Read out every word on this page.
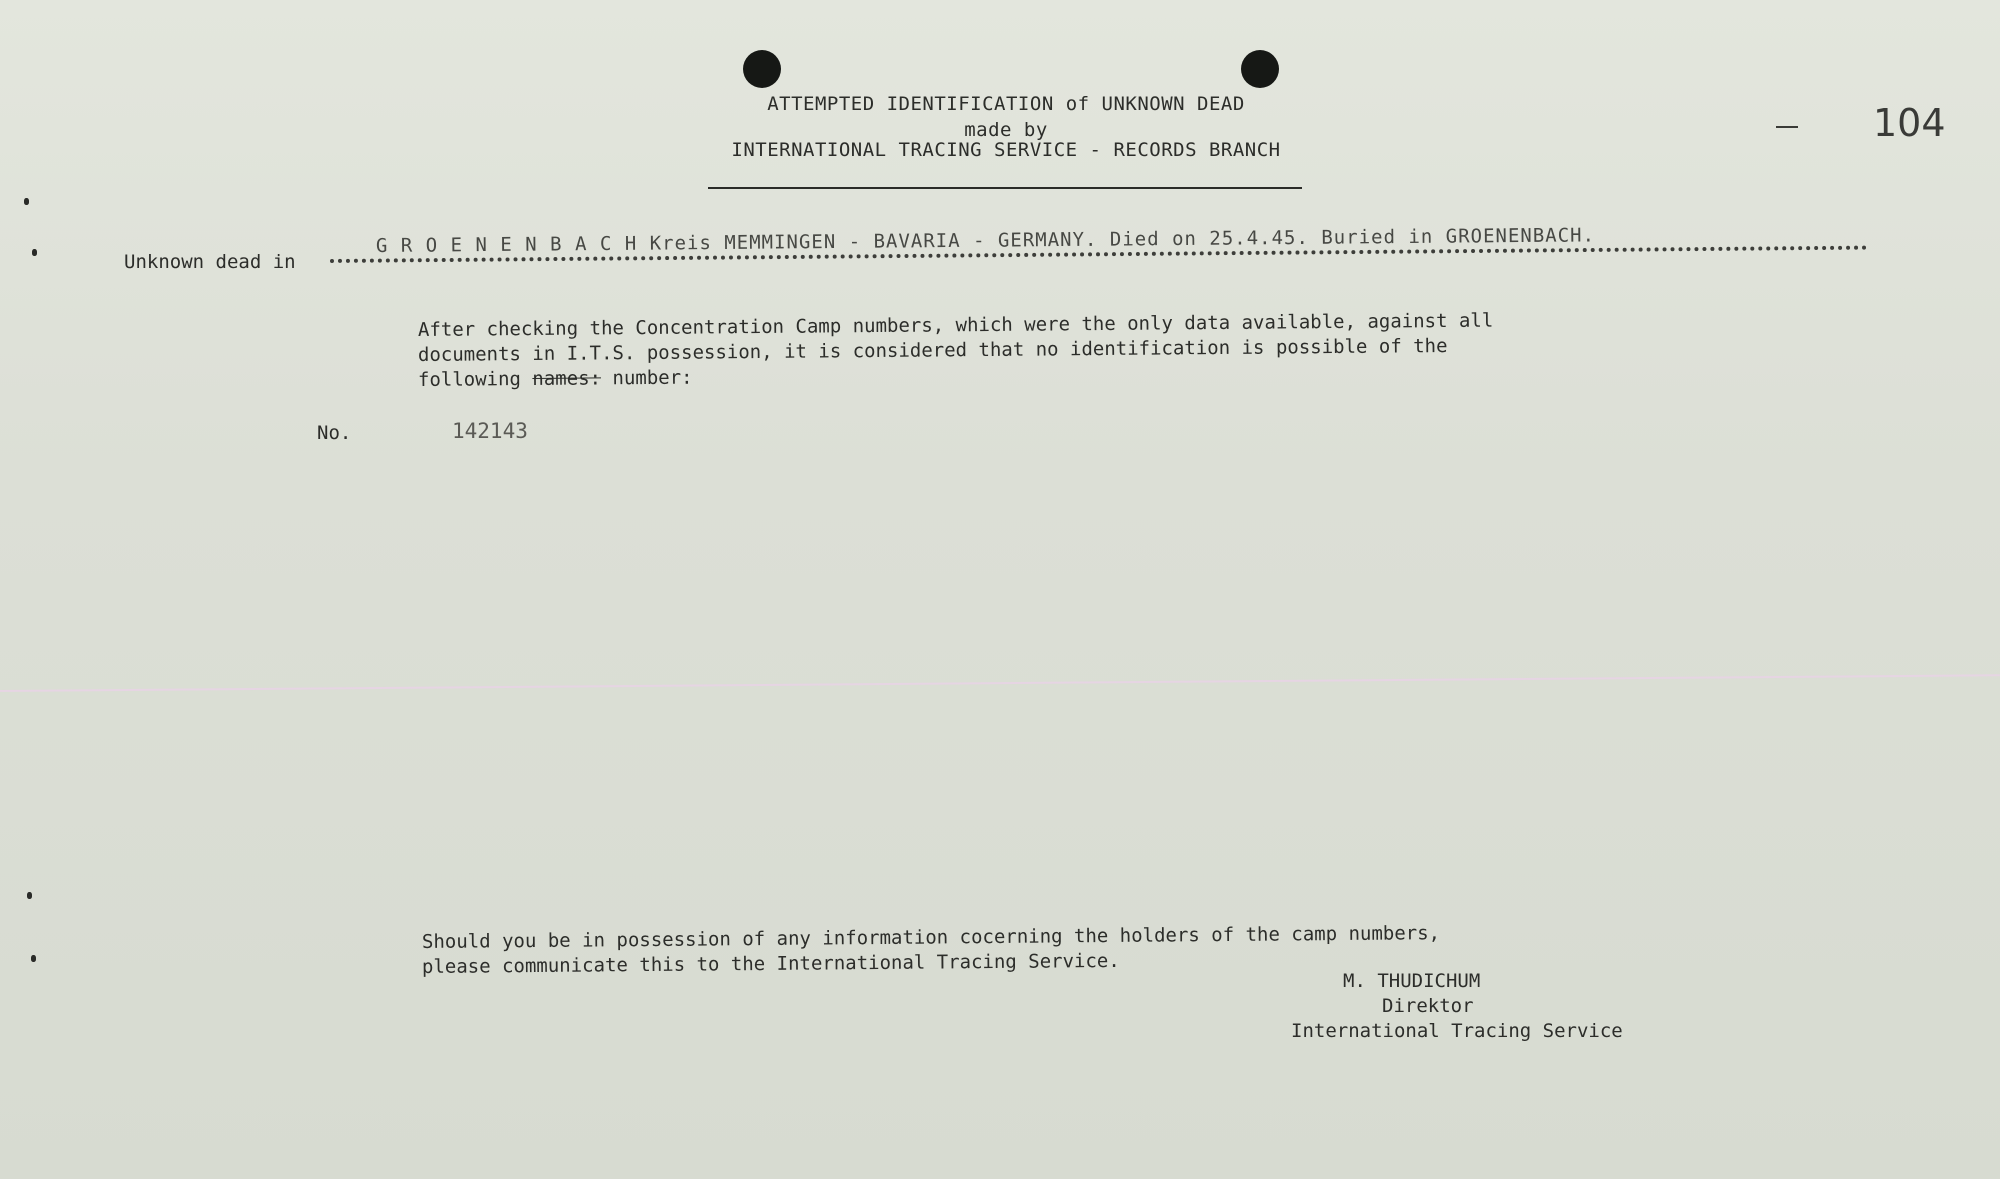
ATTEMPTED IDENTIFICATION of UNKNOWN DEAD
made by
INTERNATIONAL TRACING SERVICE - RECORDS BRANCH
104
Unknown dead in
G R O E N E N B A C H Kreis MEMMINGEN - BAVARIA - GERMANY. Died on 25.4.45. Buried in GROENENBACH.
After checking the Concentration Camp numbers, which were the only data available, against all
documents in I.T.S. possession, it is considered that no identification is possible of the
following names: number:
No.	142143
Should you be in possession of any information cocerning the holders of the camp numbers,
please communicate this to the International Tracing Service.
M. THUDICHUM
Direktor
International Tracing Service
